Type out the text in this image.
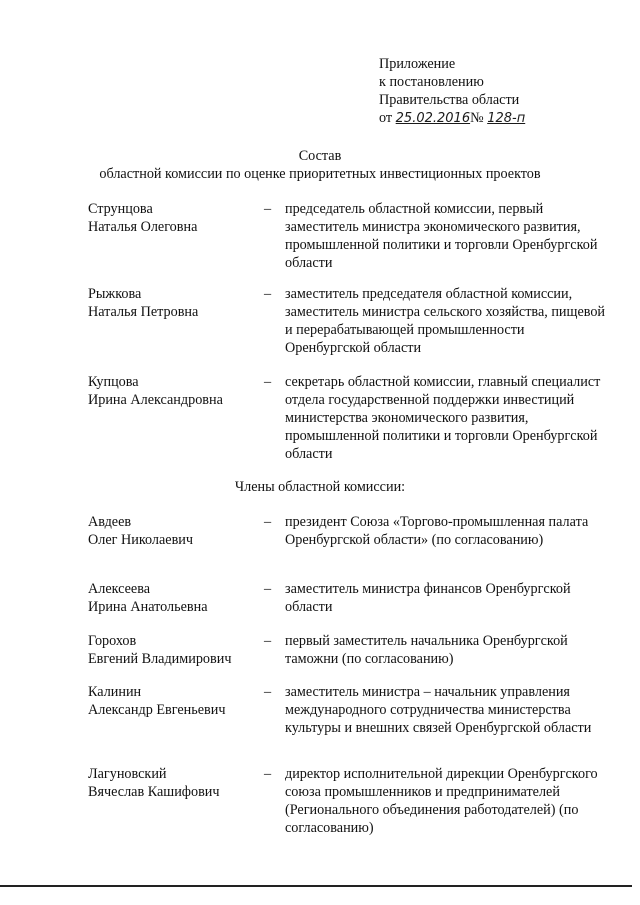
Приложение
к постановлению
Правительства области
от 25.02.2016№ 128-п
Состав
областной комиссии по оценке приоритетных инвестиционных проектов
Струнцова
Наталья Олеговна
– председатель областной комиссии, первый заместитель министра экономического развития, промышленной политики и торговли Оренбургской области
Рыжкова
Наталья Петровна
– заместитель председателя областной комиссии, заместитель министра сельского хозяйства, пищевой и перерабатывающей промышленности Оренбургской области
Купцова
Ирина Александровна
– секретарь областной комиссии, главный специалист отдела государственной поддержки инвестиций министерства экономического развития, промышленной политики и торговли Оренбургской области
Члены областной комиссии:
Авдеев
Олег Николаевич
– президент Союза «Торгово-промышленная палата Оренбургской области» (по согласованию)
Алексеева
Ирина Анатольевна
– заместитель министра финансов Оренбургской области
Горохов
Евгений Владимирович
– первый заместитель начальника Оренбургской таможни (по согласованию)
Калинин
Александр Евгеньевич
– заместитель министра – начальник управления международного сотрудничества министерства культуры и внешних связей Оренбургской области
Лагуновский
Вячеслав Кашифович
– директор исполнительной дирекции Оренбургского союза промышленников и предпринимателей (Регионального объединения работодателей) (по согласованию)
